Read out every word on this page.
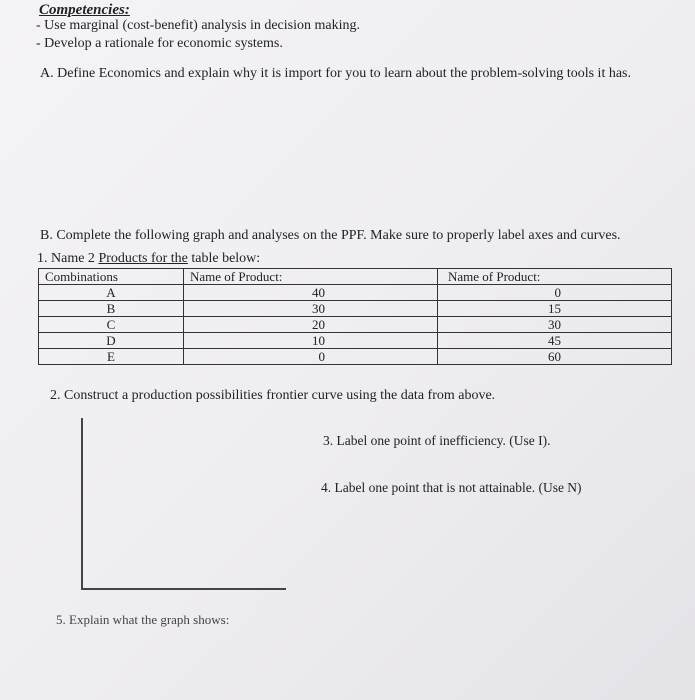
Competencies:
- Use marginal (cost-benefit) analysis in decision making.
- Develop a rationale for economic systems.
A. Define Economics and explain why it is import for you to learn about the problem-solving tools it has.
B. Complete the following graph and analyses on the PPF. Make sure to properly label axes and curves.
1. Name 2 Products for the table below:
Combinations	Name of Product:	Name of Product:
A	40	0
B	30	15
C	20	30
D	10	45
E	0	60
2. Construct a production possibilities frontier curve using the data from above.
3. Label one point of inefficiency. (Use I).
4. Label one point that is not attainable. (Use N)
5. Explain what the graph shows:
